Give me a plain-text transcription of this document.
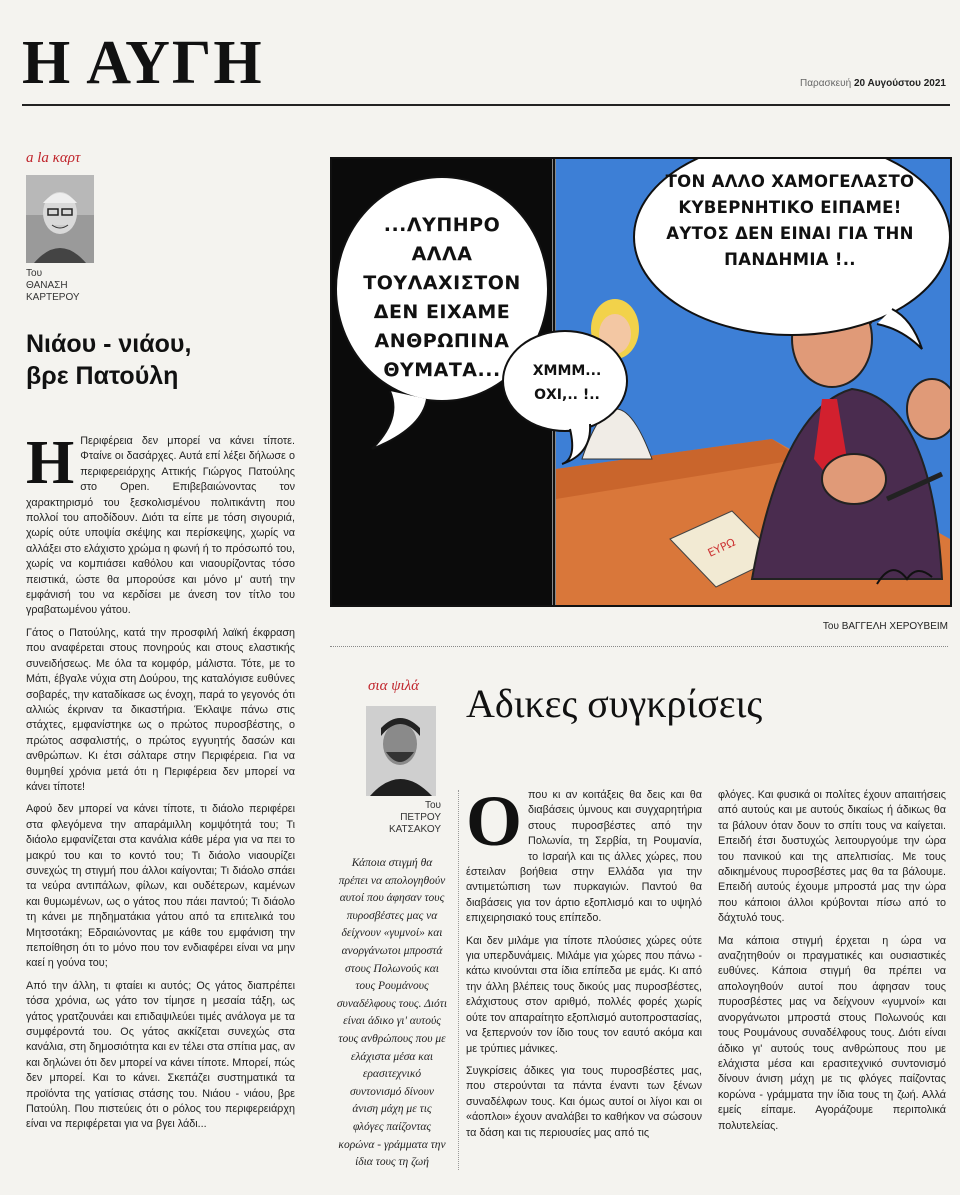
Η ΑΥΓΗ	Παρασκευή 20 Αυγούστου 2021
a la καρτ
Του
ΘΑΝΑΣΗ ΚΑΡΤΕΡΟΥ
Νιάου - νιάου,
βρε Πατούλη

Η Περιφέρεια δεν μπορεί να κάνει τίποτε. Φταίνε οι δασάρχες. Αυτά επί λέξει δήλωσε ο περιφερειάρχης Αττικής Γιώργος Πατούλης στο Open. Επιβεβαιώνοντας τον χαρακτηρισμό του ξεσκολισμένου πολιτικάντη που πολλοί του αποδίδουν. Διότι τα είπε με τόση σιγουριά, χωρίς ούτε υποψία σκέψης και περίσκεψης, χωρίς να αλλάξει στο ελάχιστο χρώμα η φωνή ή το πρόσωπό του, χωρίς να κομπιάσει καθόλου και νιαουρίζοντας τόσο πειστικά, ώστε θα μπορούσε και μόνο μ' αυτή την εμφάνισή του να κερδίσει με άνεση τον τίτλο του γραβατωμένου γάτου.

Γάτος ο Πατούλης, κατά την προσφιλή λαϊκή έκφραση που αναφέρεται στους πονηρούς και στους ελαστικής συνειδήσεως. Με όλα τα κομφόρ, μάλιστα. Τότε, με το Μάτι, έβγαλε νύχια στη Δούρου, της καταλόγισε ευθύνες σοβαρές, την καταδίκασε ως ένοχη, παρά το γεγονός ότι αλλιώς έκριναν τα δικαστήρια. Έκλαψε πάνω στις στάχτες, εμφανίστηκε ως ο πρώτος πυροσβέστης, ο πρώτος ασφαλιστής, ο πρώτος εγγυητής δασών και ανθρώπων. Κι έτσι σάλταρε στην Περιφέρεια. Για να θυμηθεί χρόνια μετά ότι η Περιφέρεια δεν μπορεί να κάνει τίποτε!

Αφού δεν μπορεί να κάνει τίποτε, τι διάολο περιφέρει στα φλεγόμενα την απαράμιλλη κομψότητά του; Τι διάολο εμφανίζεται στα κανάλια κάθε μέρα για να πει το μακρύ του και το κοντό του; Τι διάολο νιαουρίζει συνεχώς τη στιγμή που άλλοι καίγονται; Τι διάολο σπάει τα νεύρα αντιπάλων, φίλων, και ουδέτερων, καμένων και θυμωμένων, ως ο γάτος που πάει παντού; Τι διάολο τη κάνει με πηδηματάκια γάτου από τα επιτελικά του Μητσοτάκη; Εδραιώνοντας με κάθε του εμφάνιση την πεποίθηση ότι το μόνο που τον ενδιαφέρει είναι να μην καεί η γούνα του;

Από την άλλη, τι φταίει κι αυτός; Ος γάτος διαπρέπει τόσα χρόνια, ως γάτο τον τίμησε η μεσαία τάξη, ως γάτος γρατζουνάει και επιδαψιλεύει τιμές ανάλογα με τα συμφέροντά του. Ος γάτος ακκίζεται συνεχώς στα κανάλια, στη δημοσιότητα και εν τέλει στα σπίτια μας, αν και δηλώνει ότι δεν μπορεί να κάνει τίποτε. Μπορεί, πώς δεν μπορεί. Και το κάνει. Σκεπάζει συστηματικά τα προϊόντα της γατίσιας στάσης του. Νιάου - νιάου, βρε Πατούλη. Που πιστεύεις ότι ο ρόλος του περιφερειάρχη είναι να περιφέρεται για να βγει λάδι...

ΕΥΡΩ
...ΛΥΠΗΡΟ ΑΛΛΑ ΤΟΥΛΑΧΙΣΤΟΝ ΔΕΝ ΕΙΧΑΜΕ ΑΝΘΡΩΠΙΝΑ ΘΥΜΑΤΑ...	ΧΜΜΜ... ΟΧΙ,.. !..
ΤΟΝ ΑΛΛΟ ΧΑΜΟΓΕΛΑΣΤΟ ΚΥΒΕΡΝΗΤΙΚΟ ΕΙΠΑΜΕ! ΑΥΤΟΣ ΔΕΝ ΕΙΝΑΙ ΓΙΑ ΤΗΝ ΠΑΝΔΗΜΙΑ !..
Του ΒΑΓΓΕΛΗ ΧΕΡΟΥΒΕΙΜ
σια ψιλά Αδικες συγκρίσεις
Του
ΠΕΤΡΟΥ ΚΑΤΣΑΚΟΥ
Κάποια στιγμή θα πρέπει να απολογηθούν αυτοί που άφησαν τους πυροσβέστες μας να δείχνουν «γυμνοί» και ανοργάνωτοι μπροστά στους Πολωνούς και τους Ρουμάνους συναδέλφους τους. Διότι είναι άδικο γι' αυτούς τους ανθρώπους που με ελάχιστα μέσα και ερασιτεχνικό συντονισμό δίνουν άνιση μάχη με τις φλόγες παίζοντας κορώνα - γράμματα την ίδια τους τη ζωή

Οπου κι αν κοιτάξεις θα δεις και θα διαβάσεις ύμνους και συγχαρητήρια στους πυροσβέστες από την Πολωνία, τη Σερβία, τη Ρουμανία, το Ισραήλ και τις άλλες χώρες, που έστειλαν βοήθεια στην Ελλάδα για την αντιμετώπιση των πυρκαγιών. Παντού θα διαβάσεις για τον άρτιο εξοπλισμό και το υψηλό επιχειρησιακό τους επίπεδο.

Και δεν μιλάμε για τίποτε πλούσιες χώρες ούτε για υπερδυνάμεις. Μιλάμε για χώρες που πάνω - κάτω κινούνται στα ίδια επίπεδα με εμάς. Κι από την άλλη βλέπεις τους δικούς μας πυροσβέστες, ελάχιστους στον αριθμό, πολλές φορές χωρίς ούτε τον απαραίτητο εξοπλισμό αυτοπροστασίας, να ξεπερνούν τον ίδιο τους τον εαυτό ακόμα και με τρύπιες μάνικες.

Συγκρίσεις άδικες για τους πυροσβέστες μας, που στερούνται τα πάντα έναντι των ξένων συναδέλφων τους. Και όμως αυτοί οι λίγοι και οι «άοπλοι» έχουν αναλάβει το καθήκον να σώσουν τα δάση και τις περιουσίες μας από τις

φλόγες. Και φυσικά οι πολίτες έχουν απαιτήσεις από αυτούς και με αυτούς δικαίως ή άδικως θα τα βάλουν όταν δουν το σπίτι τους να καίγεται. Επειδή έτσι δυστυχώς λειτουργούμε την ώρα του πανικού και της απελπισίας. Με τους αδικημένους πυροσβέστες μας θα τα βάλουμε. Επειδή αυτούς έχουμε μπροστά μας την ώρα που κάποιοι άλλοι κρύβονται πίσω από το δάχτυλό τους.

Μα κάποια στιγμή έρχεται η ώρα να αναζητηθούν οι πραγματικές και ουσιαστικές ευθύνες. Κάποια στιγμή θα πρέπει να απολογηθούν αυτοί που άφησαν τους πυροσβέστες μας να δείχνουν «γυμνοί» και ανοργάνωτοι μπροστά στους Πολωνούς και τους Ρουμάνους συναδέλφους τους. Διότι είναι άδικο γι' αυτούς τους ανθρώπους που με ελάχιστα μέσα και ερασιτεχνικό συντονισμό δίνουν άνιση μάχη με τις φλόγες παίζοντας κορώνα - γράμματα την ίδια τους τη ζωή. Αλλά εμείς είπαμε. Αγοράζουμε περιπολικά πολυτελείας.
